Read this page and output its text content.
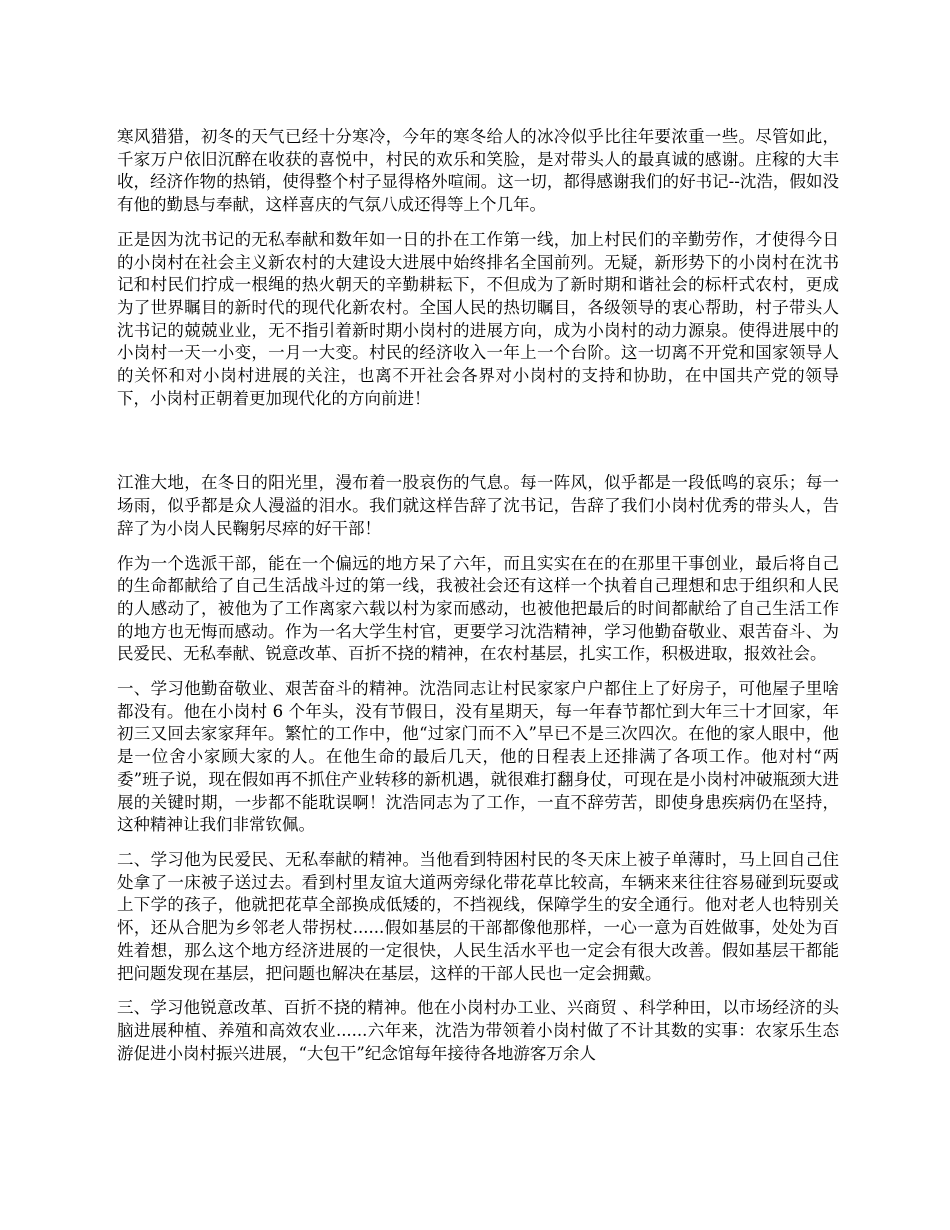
寒风猎猎，初冬的天气已经十分寒冷，今年的寒冬给人的冰冷似乎比往年要浓重一些。尽管如此，千家万户依旧沉醉在收获的喜悦中，村民的欢乐和笑脸，是对带头人的最真诚的感谢。庄稼的大丰收，经济作物的热销，使得整个村子显得格外喧闹。这一切，都得感谢我们的好书记--沈浩，假如没有他的勤恳与奉献，这样喜庆的气氛八成还得等上个几年。

正是因为沈书记的无私奉献和数年如一日的扑在工作第一线，加上村民们的辛勤劳作，才使得今日的小岗村在社会主义新农村的大建设大进展中始终排名全国前列。无疑，新形势下的小岗村在沈书记和村民们拧成一根绳的热火朝天的辛勤耕耘下，不但成为了新时期和谐社会的标杆式农村，更成为了世界瞩目的新时代的现代化新农村。全国人民的热切瞩目，各级领导的衷心帮助，村子带头人沈书记的兢兢业业，无不指引着新时期小岗村的进展方向，成为小岗村的动力源泉。使得进展中的小岗村一天一小变，一月一大变。村民的经济收入一年上一个台阶。这一切离不开党和国家领导人的关怀和对小岗村进展的关注，也离不开社会各界对小岗村的支持和协助，在中国共产党的领导下，小岗村正朝着更加现代化的方向前进！

江淮大地，在冬日的阳光里，漫布着一股哀伤的气息。每一阵风，似乎都是一段低鸣的哀乐；每一场雨，似乎都是众人漫溢的泪水。我们就这样告辞了沈书记，告辞了我们小岗村优秀的带头人，告辞了为小岗人民鞠躬尽瘁的好干部！

作为一个选派干部，能在一个偏远的地方呆了六年，而且实实在在的在那里干事创业，最后将自己的生命都献给了自己生活战斗过的第一线，我被社会还有这样一个执着自己理想和忠于组织和人民的人感动了，被他为了工作离家六载以村为家而感动，也被他把最后的时间都献给了自己生活工作的地方也无悔而感动。作为一名大学生村官，更要学习沈浩精神，学习他勤奋敬业、艰苦奋斗、为民爱民、无私奉献、锐意改革、百折不挠的精神，在农村基层，扎实工作，积极进取，报效社会。

一、学习他勤奋敬业、艰苦奋斗的精神。沈浩同志让村民家家户户都住上了好房子，可他屋子里啥都没有。他在小岗村 6 个年头，没有节假日，没有星期天，每一年春节都忙到大年三十才回家，年初三又回去家家拜年。繁忙的工作中，他“过家门而不入”早已不是三次四次。在他的家人眼中，他是一位舍小家顾大家的人。在他生命的最后几天，他的日程表上还排满了各项工作。他对村“两委”班子说，现在假如再不抓住产业转移的新机遇，就很难打翻身仗，可现在是小岗村冲破瓶颈大进展的关键时期，一步都不能耽误啊！沈浩同志为了工作，一直不辞劳苦，即使身患疾病仍在坚持，这种精神让我们非常钦佩。

二、学习他为民爱民、无私奉献的精神。当他看到特困村民的冬天床上被子单薄时，马上回自己住处拿了一床被子送过去。看到村里友谊大道两旁绿化带花草比较高，车辆来来往往容易碰到玩耍或上下学的孩子，他就把花草全部换成低矮的，不挡视线，保障学生的安全通行。他对老人也特别关怀，还从合肥为乡邻老人带拐杖......假如基层的干部都像他那样，一心一意为百姓做事，处处为百姓着想，那么这个地方经济进展的一定很快，人民生活水平也一定会有很大改善。假如基层干都能把问题发现在基层，把问题也解决在基层，这样的干部人民也一定会拥戴。

三、学习他锐意改革、百折不挠的精神。他在小岗村办工业、兴商贸 、科学种田，以市场经济的头脑进展种植、养殖和高效农业......六年来，沈浩为带领着小岗村做了不计其数的实事：农家乐生态游促进小岗村振兴进展，“大包干”纪念馆每年接待各地游客万余人
